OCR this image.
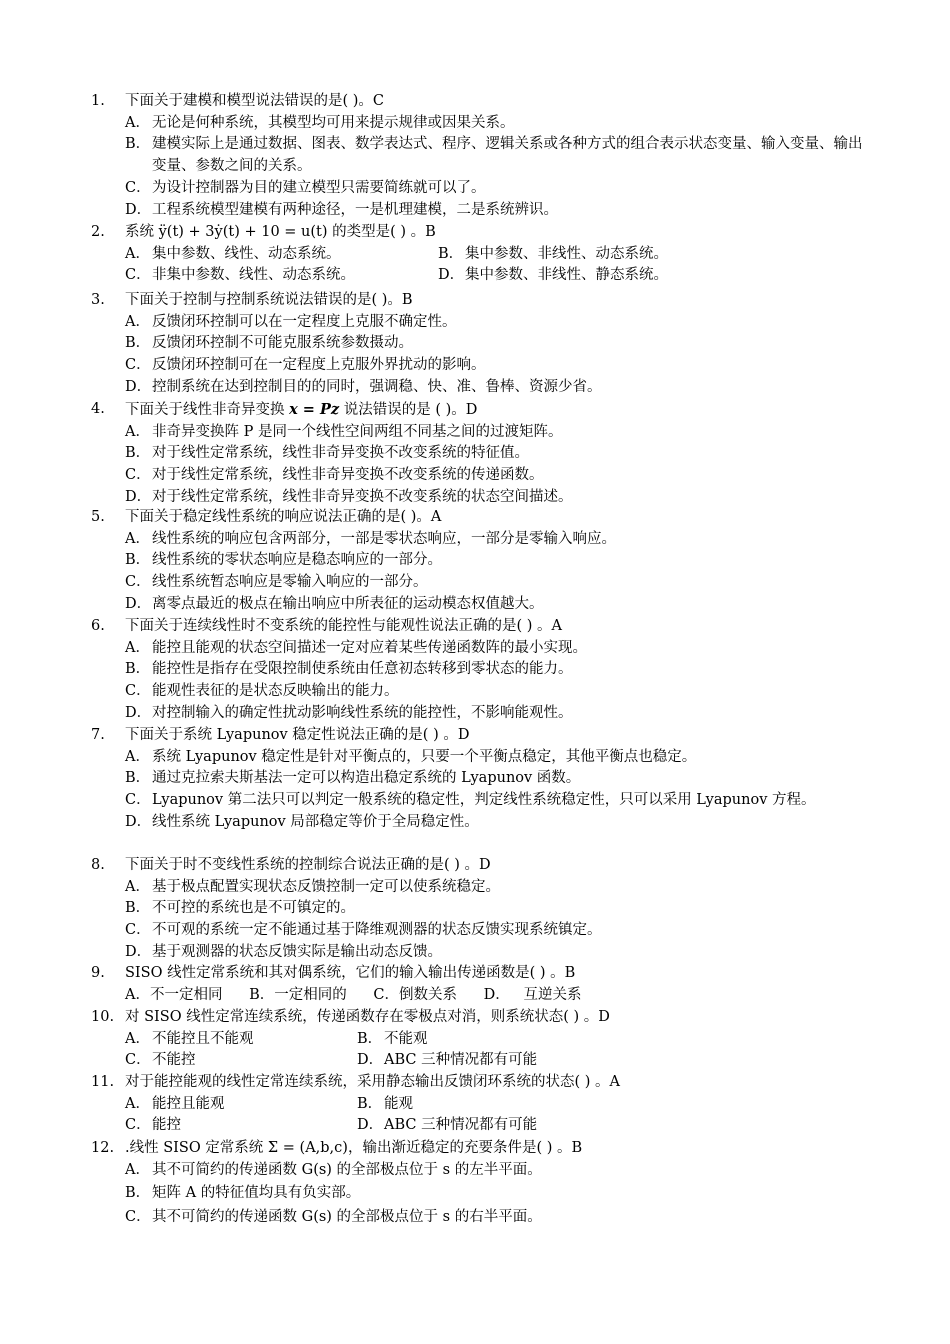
1. 下面关于建模和模型说法错误的是( )。C
A． 无论是何种系统，其模型均可用来提示规律或因果关系。
B． 建模实际上是通过数据、图表、数学表达式、程序、逻辑关系或各种方式的组合表示状态变量、输入变量、输出变量、参数之间的关系。
C． 为设计控制器为目的建立模型只需要简练就可以了。
D． 工程系统模型建模有两种途径，一是机理建模，二是系统辨识。
2. 系统 ÿ(t) + 3ẏ(t) + 10 = u(t) 的类型是( ) 。B
A． 集中参数、线性、动态系统。	B． 集中参数、非线性、动态系统。
C． 非集中参数、线性、动态系统。	D． 集中参数、非线性、静态系统。
3. 下面关于控制与控制系统说法错误的是( )。B
A． 反馈闭环控制可以在一定程度上克服不确定性。
B． 反馈闭环控制不可能克服系统参数摄动。
C． 反馈闭环控制可在一定程度上克服外界扰动的影响。
D． 控制系统在达到控制目的的同时，强调稳、快、准、鲁棒、资源少省。
4. 下面关于线性非奇异变换 x = Pz 说法错误的是 ( )。D
A． 非奇异变换阵 P 是同一个线性空间两组不同基之间的过渡矩阵。
B． 对于线性定常系统，线性非奇异变换不改变系统的特征值。
C． 对于线性定常系统，线性非奇异变换不改变系统的传递函数。
D． 对于线性定常系统，线性非奇异变换不改变系统的状态空间描述。
5. 下面关于稳定线性系统的响应说法正确的是( )。A
A． 线性系统的响应包含两部分，一部是零状态响应，一部分是零输入响应。
B． 线性系统的零状态响应是稳态响应的一部分。
C． 线性系统暂态响应是零输入响应的一部分。
D． 离零点最近的极点在输出响应中所表征的运动模态权值越大。
6. 下面关于连续线性时不变系统的能控性与能观性说法正确的是( ) 。A
A． 能控且能观的状态空间描述一定对应着某些传递函数阵的最小实现。
B． 能控性是指存在受限控制使系统由任意初态转移到零状态的能力。
C． 能观性表征的是状态反映输出的能力。
D． 对控制输入的确定性扰动影响线性系统的能控性，不影响能观性。
7. 下面关于系统 Lyapunov 稳定性说法正确的是( ) 。D
A． 系统 Lyapunov 稳定性是针对平衡点的，只要一个平衡点稳定，其他平衡点也稳定。
B． 通过克拉索夫斯基法一定可以构造出稳定系统的 Lyapunov 函数。
C． Lyapunov 第二法只可以判定一般系统的稳定性，判定线性系统稳定性，只可以采用 Lyapunov 方程。
D． 线性系统 Lyapunov 局部稳定等价于全局稳定性。
8. 下面关于时不变线性系统的控制综合说法正确的是( ) 。D
A． 基于极点配置实现状态反馈控制一定可以使系统稳定。
B． 不可控的系统也是不可镇定的。
C． 不可观的系统一定不能通过基于降维观测器的状态反馈实现系统镇定。
D． 基于观测器的状态反馈实际是输出动态反馈。
9. SISO 线性定常系统和其对偶系统，它们的输入输出传递函数是( ) 。B
A．不一定相同 B．一定相同的 C．倒数关系 D． 互逆关系
10. 对 SISO 线性定常连续系统，传递函数存在零极点对消，则系统状态( ) 。D
A． 不能控且不能观	B． 不能观
C． 不能控	D． ABC 三种情况都有可能
11. 对于能控能观的线性定常连续系统，采用静态输出反馈闭环系统的状态( ) 。A
A． 能控且能观	B． 能观
C． 能控	D． ABC 三种情况都有可能
12. .线性 SISO 定常系统 Σ = (A,b,c)，输出渐近稳定的充要条件是( ) 。B
A． 其不可简约的传递函数 G(s) 的全部极点位于 s 的左半平面。
B． 矩阵 A 的特征值均具有负实部。
C． 其不可简约的传递函数 G(s) 的全部极点位于 s 的右半平面。
